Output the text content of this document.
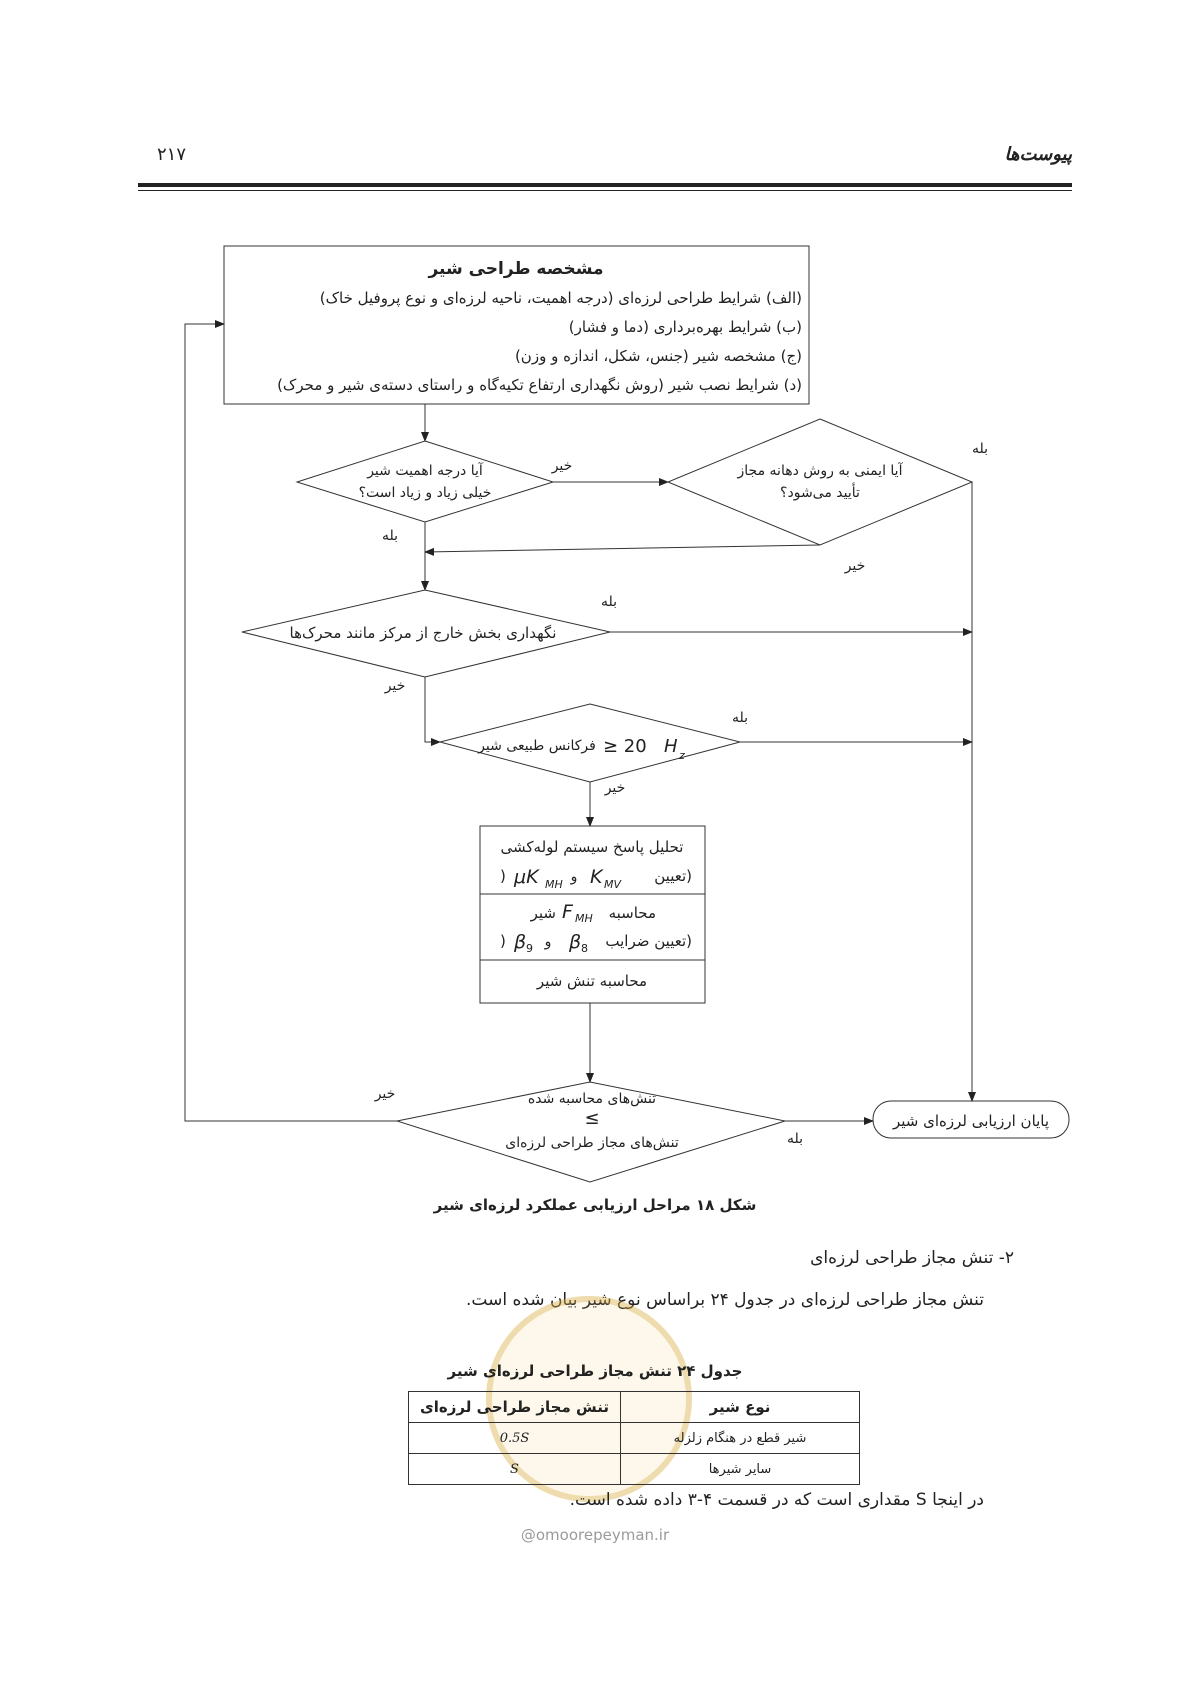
۲۱۷	پیوست‌ها
مشخصه طراحی شیر
(الف) شرایط طراحی لرزه‌ای (درجه اهمیت، ناحیه لرزه‌ای و نوع پروفیل خاک)
(ب) شرایط بهره‌برداری (دما و فشار)
(ج) مشخصه شیر (جنس، شکل، اندازه و وزن)
(د) شرایط نصب شیر (روش نگهداری ارتفاع تکیه‌گاه و راستای دسته‌ی شیر و محرک)
آیا درجه اهمیت شیر
خیلی زیاد و زیاد است؟
آیا ایمنی به روش دهانه مجاز
تأیید می‌شود؟
نگهداری بخش خارج از مرکز مانند محرک‌ها
فرکانس طبیعی شیر ≥ 20 H z
تحلیل پاسخ سیستم لوله‌کشی
(تعیین
K MV
و
μK MH
)
محاسبه
F MH
شیر
(تعیین ضرایب
β 8
و
β 9
)
محاسبه تنش شیر
تنش‌های محاسبه شده
≤
تنش‌های مجاز طراحی لرزه‌ای
پایان ارزیابی لرزه‌ای شیر
خیر
بله
بله
خیر
بله
خیر
بله
خیر
خیر
بله
شکل ۱۸ مراحل ارزیابی عملکرد لرزه‌ای شیر
۲- تنش مجاز طراحی لرزه‌ای
تنش مجاز طراحی لرزه‌ای در جدول ۲۴ براساس نوع شیر بیان شده است.
جدول ۲۴ تنش مجاز طراحی لرزه‌ای شیر
نوع شیر	تنش مجاز طراحی لرزه‌ای
شیر قطع در هنگام زلزله	0.5S
سایر شیرها	S
در اینجا S مقداری است که در قسمت ۴-۳ داده شده است.
@omoorepeyman.ir
